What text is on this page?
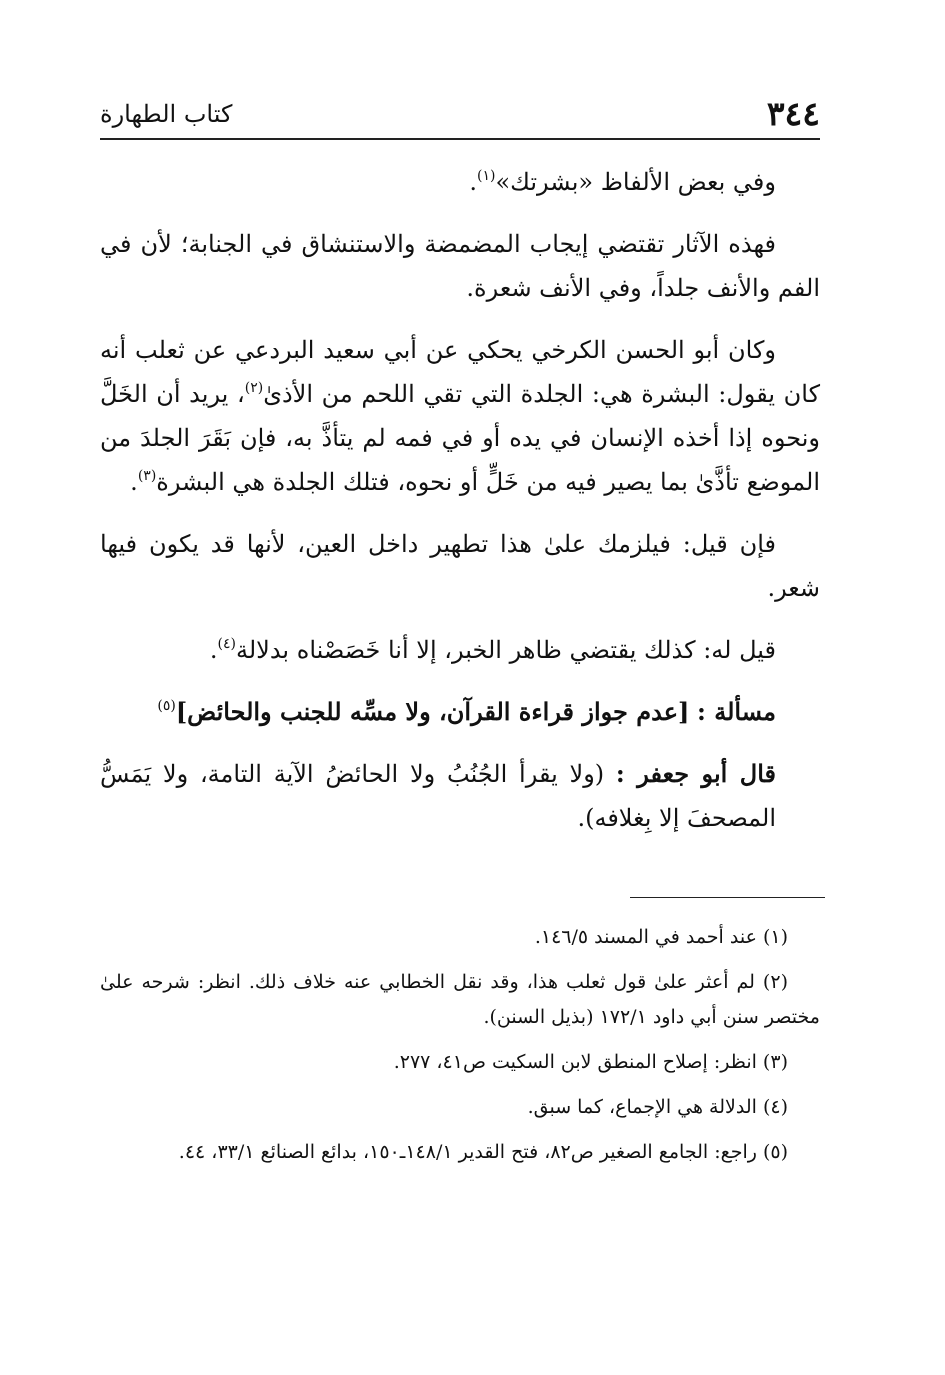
٣٤٤
كتاب الطهارة

وفي بعض الألفاظ «بشرتك»$^{(١)}$.

فهذه الآثار تقتضي إيجاب المضمضة والاستنشاق في الجنابة؛ لأن في الفم والأنف جلداً، وفي الأنف شعرة.

وكان أبو الحسن الكرخي يحكي عن أبي سعيد البردعي عن ثعلب أنه كان يقول: البشرة هي: الجلدة التي تقي اللحم من الأذىٰ$^{(٢)}$، يريد أن الخَلَّ ونحوه إذا أخذه الإنسان في يده أو في فمه لم يتأذَّ به، فإن بَقَرَ الجلدَ من الموضع تأذَّىٰ بما يصير فيه من خَلٍّ أو نحوه، فتلك الجلدة هي البشرة$^{(٣)}$.

فإن قيل: فيلزمك علىٰ هذا تطهير داخل العين، لأنها قد يكون فيها شعر.

قيل له: كذلك يقتضي ظاهر الخبر، إلا أنا خَصَصْناه بدلالة$^{(٤)}$.

مسألة : [عدم جواز قراءة القرآن، ولا مسِّه للجنب والحائض]$^{(٥)}$

قال أبو جعفر : (ولا يقرأ الجُنُبُ ولا الحائضُ الآية التامة، ولا يَمَسُّ المصحفَ إلا بِغلافه).

(١) عند أحمد في المسند ١٤٦/٥.

(٢) لم أعثر علىٰ قول ثعلب هذا، وقد نقل الخطابي عنه خلاف ذلك. انظر: شرحه علىٰ مختصر سنن أبي داود ١٧٢/١ (بذيل السنن).

(٣) انظر: إصلاح المنطق لابن السكيت ص٤١، ٢٧٧.

(٤) الدلالة هي الإجماع، كما سبق.

(٥) راجع: الجامع الصغير ص٨٢، فتح القدير ١٤٨/١ـ١٥٠، بدائع الصنائع ٣٣/١، ٤٤.
